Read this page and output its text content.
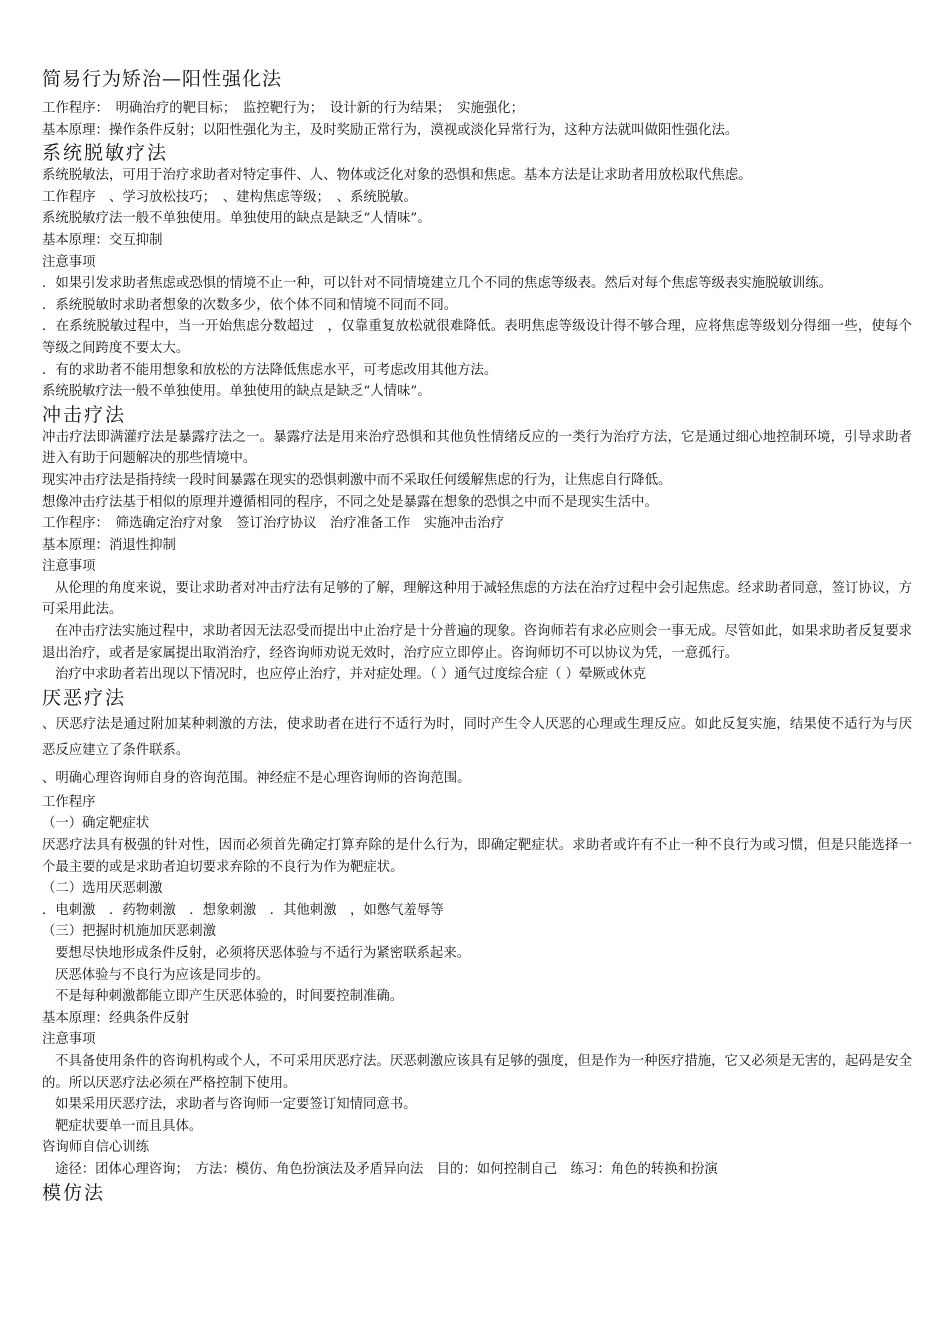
简易行为矫治—阳性强化法

工作程序：　明确治疗的靶目标；　监控靶行为；　设计新的行为结果；　实施强化；

基本原理：操作条件反射；以阳性强化为主，及时奖励正常行为，漠视或淡化异常行为，这种方法就叫做阳性强化法。

系统脱敏疗法

系统脱敏法，可用于治疗求助者对特定事件、人、物体或泛化对象的恐惧和焦虑。基本方法是让求助者用放松取代焦虑。

工作程序　、学习放松技巧；　、建构焦虑等级；　、系统脱敏。

系统脱敏疗法一般不单独使用。单独使用的缺点是缺乏“人情味”。

基本原理：交互抑制

注意事项

．如果引发求助者焦虑或恐惧的情境不止一种，可以针对不同情境建立几个不同的焦虑等级表。然后对每个焦虑等级表实施脱敏训练。

．系统脱敏时求助者想象的次数多少，依个体不同和情境不同而不同。

．在系统脱敏过程中，当一开始焦虑分数超过　，仅靠重复放松就很难降低。表明焦虑等级设计得不够合理，应将焦虑等级划分得细一些，使每个等级之间跨度不要太大。

．有的求助者不能用想象和放松的方法降低焦虑水平，可考虑改用其他方法。

系统脱敏疗法一般不单独使用。单独使用的缺点是缺乏“人情味”。

冲击疗法

冲击疗法即满灌疗法是暴露疗法之一。暴露疗法是用来治疗恐惧和其他负性情绪反应的一类行为治疗方法，它是通过细心地控制环境，引导求助者进入有助于问题解决的那些情境中。

现实冲击疗法是指持续一段时间暴露在现实的恐惧刺激中而不采取任何缓解焦虑的行为，让焦虑自行降低。

想像冲击疗法基于相似的原理并遵循相同的程序，不同之处是暴露在想象的恐惧之中而不是现实生活中。

工作程序：　筛选确定治疗对象　签订治疗协议　治疗准备工作　实施冲击治疗

基本原理：消退性抑制

注意事项

从伦理的角度来说，要让求助者对冲击疗法有足够的了解，理解这种用于减轻焦虑的方法在治疗过程中会引起焦虑。经求助者同意，签订协议，方可采用此法。

在冲击疗法实施过程中，求助者因无法忍受而提出中止治疗是十分普遍的现象。咨询师若有求必应则会一事无成。尽管如此，如果求助者反复要求退出治疗，或者是家属提出取消治疗，经咨询师劝说无效时，治疗应立即停止。咨询师切不可以协议为凭，一意孤行。

治疗中求助者若出现以下情况时，也应停止治疗，并对症处理。（ ）通气过度综合症（ ）晕厥或休克

厌恶疗法

、厌恶疗法是通过附加某种刺激的方法，使求助者在进行不适行为时，同时产生令人厌恶的心理或生理反应。如此反复实施，结果使不适行为与厌恶反应建立了条件联系。

、明确心理咨询师自身的咨询范围。神经症不是心理咨询师的咨询范围。

工作程序

（一）确定靶症状

厌恶疗法具有极强的针对性，因而必须首先确定打算弃除的是什么行为，即确定靶症状。求助者或许有不止一种不良行为或习惯，但是只能选择一个最主要的或是求助者迫切要求弃除的不良行为作为靶症状。

（二）选用厌恶刺激

．电刺激　．药物刺激　．想象刺激　．其他刺激　，如憋气羞辱等

（三）把握时机施加厌恶刺激

要想尽快地形成条件反射，必须将厌恶体验与不适行为紧密联系起来。

厌恶体验与不良行为应该是同步的。

不是每种刺激都能立即产生厌恶体验的，时间要控制准确。

基本原理：经典条件反射

注意事项

不具备使用条件的咨询机构或个人，不可采用厌恶疗法。厌恶刺激应该具有足够的强度，但是作为一种医疗措施，它又必须是无害的，起码是安全的。所以厌恶疗法必须在严格控制下使用。

如果采用厌恶疗法，求助者与咨询师一定要签订知情同意书。

靶症状要单一而且具体。

咨询师自信心训练

途径：团体心理咨询；　方法：模仿、角色扮演法及矛盾异向法　目的：如何控制自己　练习：角色的转换和扮演

模仿法
